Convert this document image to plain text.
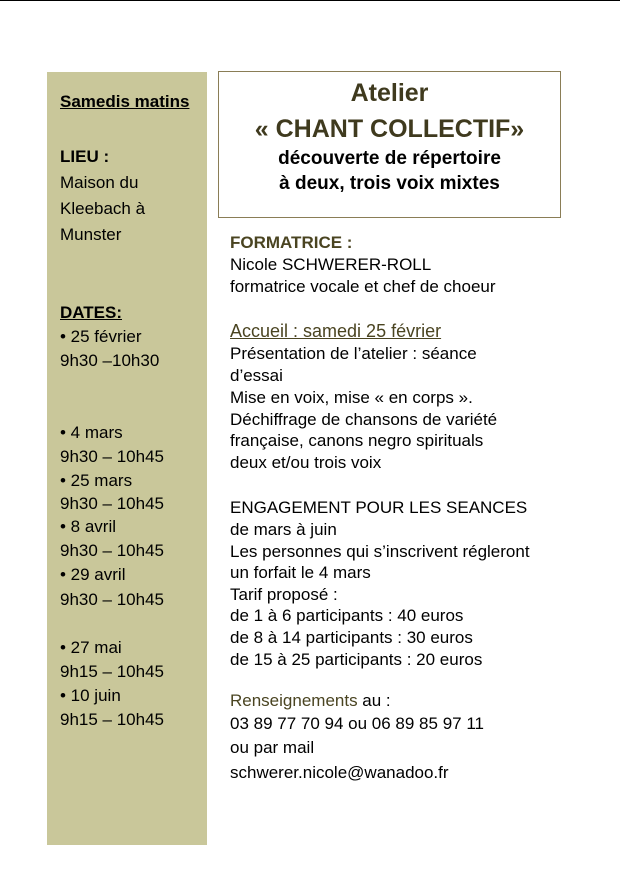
Samedis matins
LIEU :
Maison du
Kleebach à
Munster
DATES:
• 25 février
9h30 –10h30
• 4 mars
9h30 – 10h45
• 25 mars
9h30 – 10h45
• 8 avril
9h30 – 10h45
• 29 avril
9h30 – 10h45
• 27 mai
9h15 – 10h45
• 10 juin
9h15 – 10h45
Atelier
« CHANT COLLECTIF»
découverte de répertoire
à deux, trois voix mixtes
FORMATRICE :
Nicole SCHWERER-ROLL
formatrice vocale et chef de choeur
Accueil : samedi 25 février
Présentation de l’atelier : séance
d’essai
Mise en voix, mise « en corps ».
Déchiffrage de chansons de variété
française, canons negro spirituals
deux et/ou trois voix
ENGAGEMENT POUR LES SEANCES
de mars à juin
Les personnes qui s’inscrivent régleront
un forfait le 4 mars
Tarif proposé :
de 1 à 6 participants : 40 euros
de 8 à 14 participants : 30 euros
de 15 à 25 participants : 20 euros
Renseignements au :
03 89 77 70 94 ou 06 89 85 97 11
ou par mail
schwerer.nicole@wanadoo.fr
